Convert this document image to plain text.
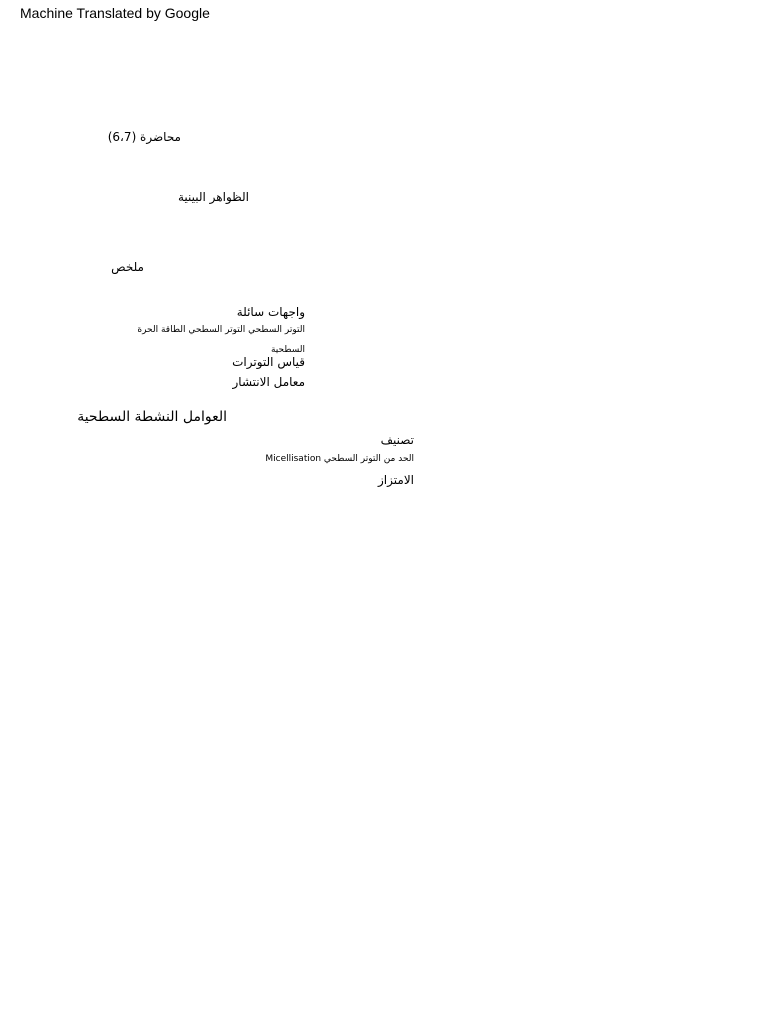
Machine Translated by Google
محاضرة (6،7)
الظواهر البينية
ملخص
واجهات سائلة
التوتر السطحي التوتر السطحي الطاقة الحرة
السطحية
قياس التوترات
معامل الانتشار
العوامل النشطة السطحية
تصنيف
الحد من التوتر السطحي Micellisation
الامتزاز
